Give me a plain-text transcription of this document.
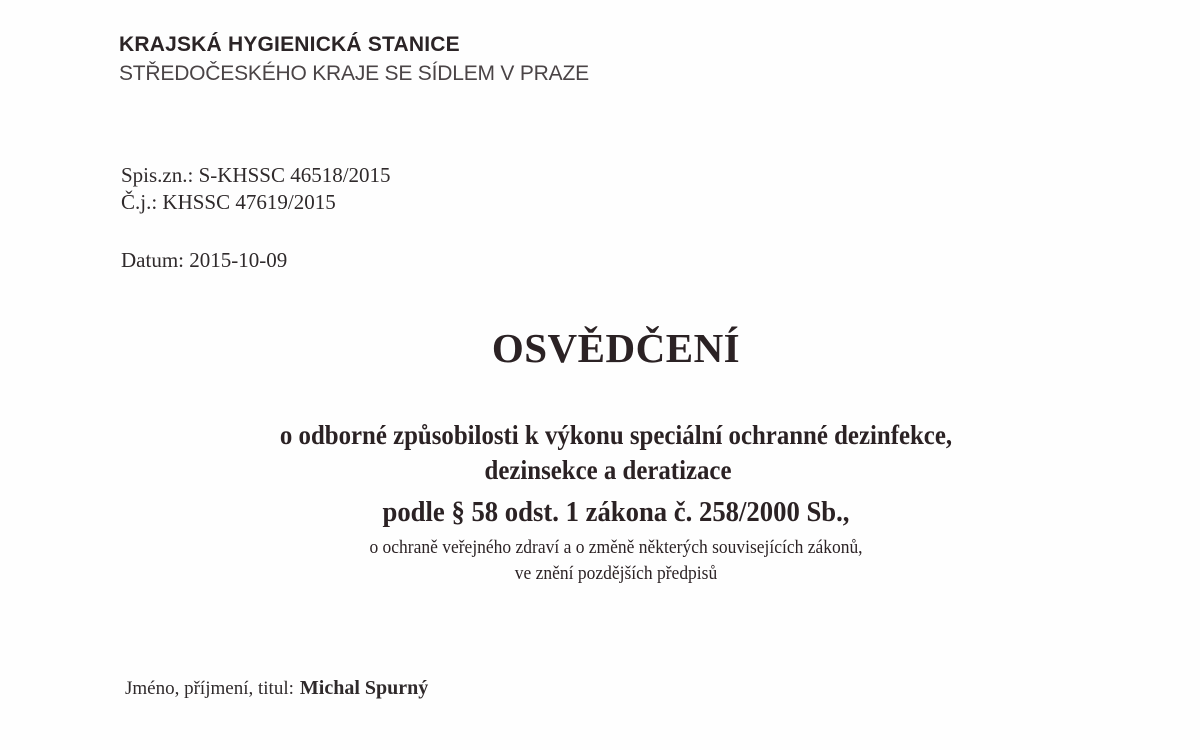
KRAJSKÁ HYGIENICKÁ STANICE
STŘEDOČESKÉHO KRAJE SE SÍDLEM V PRAZE
Spis.zn.: S-KHSSC 46518/2015
Č.j.: KHSSC 47619/2015
Datum: 2015-10-09
OSVĚDČENÍ
o odborné způsobilosti k výkonu speciální ochranné dezinfekce,
dezinsekce a deratizace
podle § 58 odst. 1 zákona č. 258/2000 Sb.,
o ochraně veřejného zdraví a o změně některých souvisejících zákonů,
ve znění pozdějších předpisů
Jméno, příjmení, titul: Michal Spurný
